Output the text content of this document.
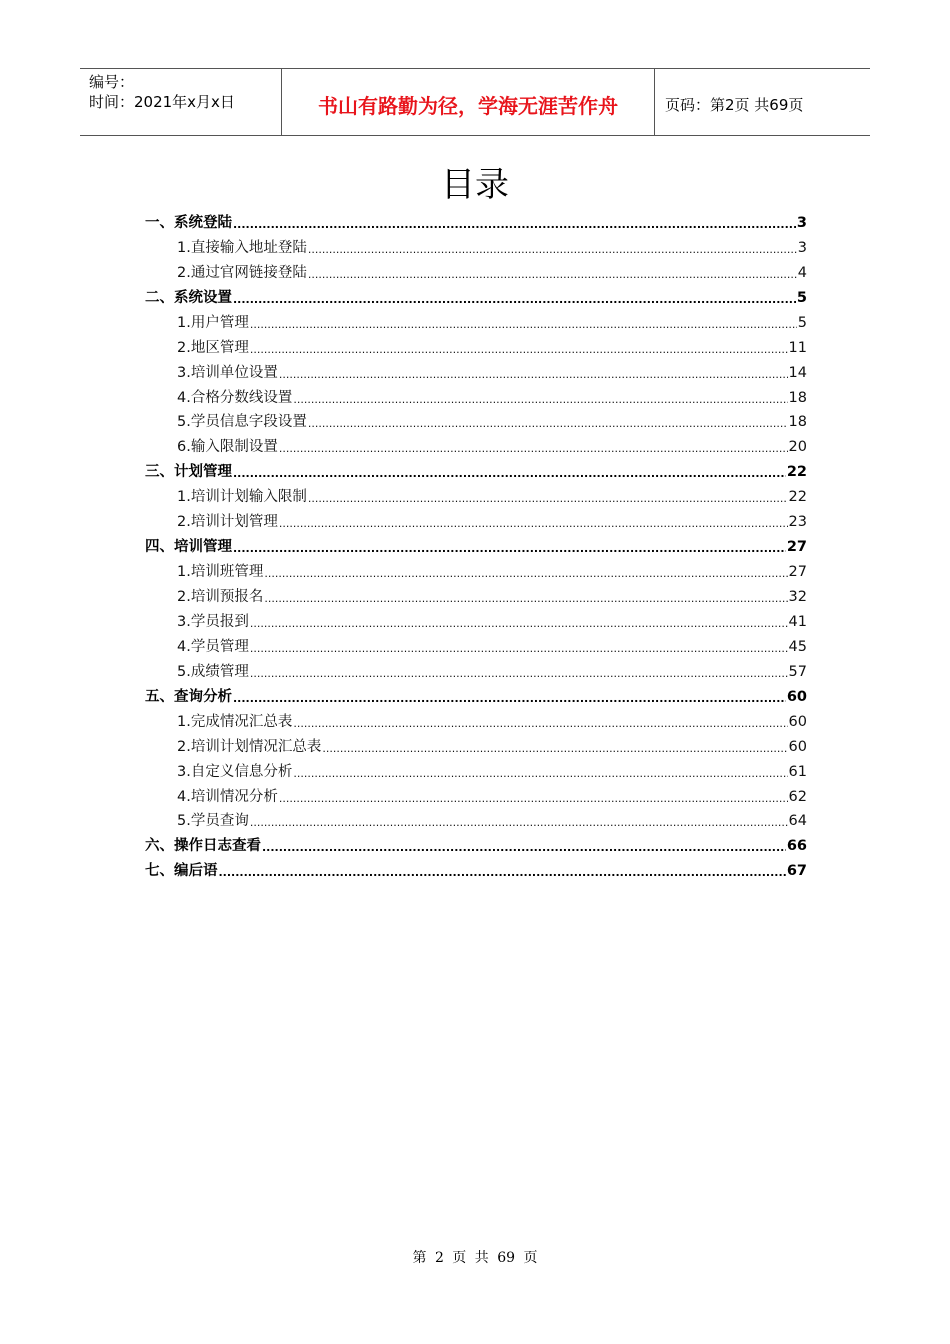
编号：
时间：2021年x月x日	书山有路勤为径，学海无涯苦作舟	页码：第2页 共69页
目录
一、系统登陆 .....	3
1.直接输入地址登陆 .....	3
2.通过官网链接登陆 .....	4
二、系统设置 .....	5
1.用户管理 .....	5
2.地区管理 .....	11
3.培训单位设置 .....	14
4.合格分数线设置 .....	18
5.学员信息字段设置 .....	18
6.输入限制设置 .....	20
三、计划管理 .....	22
1.培训计划输入限制 .....	22
2.培训计划管理 .....	23
四、培训管理 .....	27
1.培训班管理 .....	27
2.培训预报名 .....	32
3.学员报到 .....	41
4.学员管理 .....	45
5.成绩管理 .....	57
五、查询分析 .....	60
1.完成情况汇总表 .....	60
2.培训计划情况汇总表 .....	60
3.自定义信息分析 .....	61
4.培训情况分析 .....	62
5.学员查询 .....	64
六、操作日志查看 .....	66
七、编后语 .....	67
第 2 页 共 69 页
